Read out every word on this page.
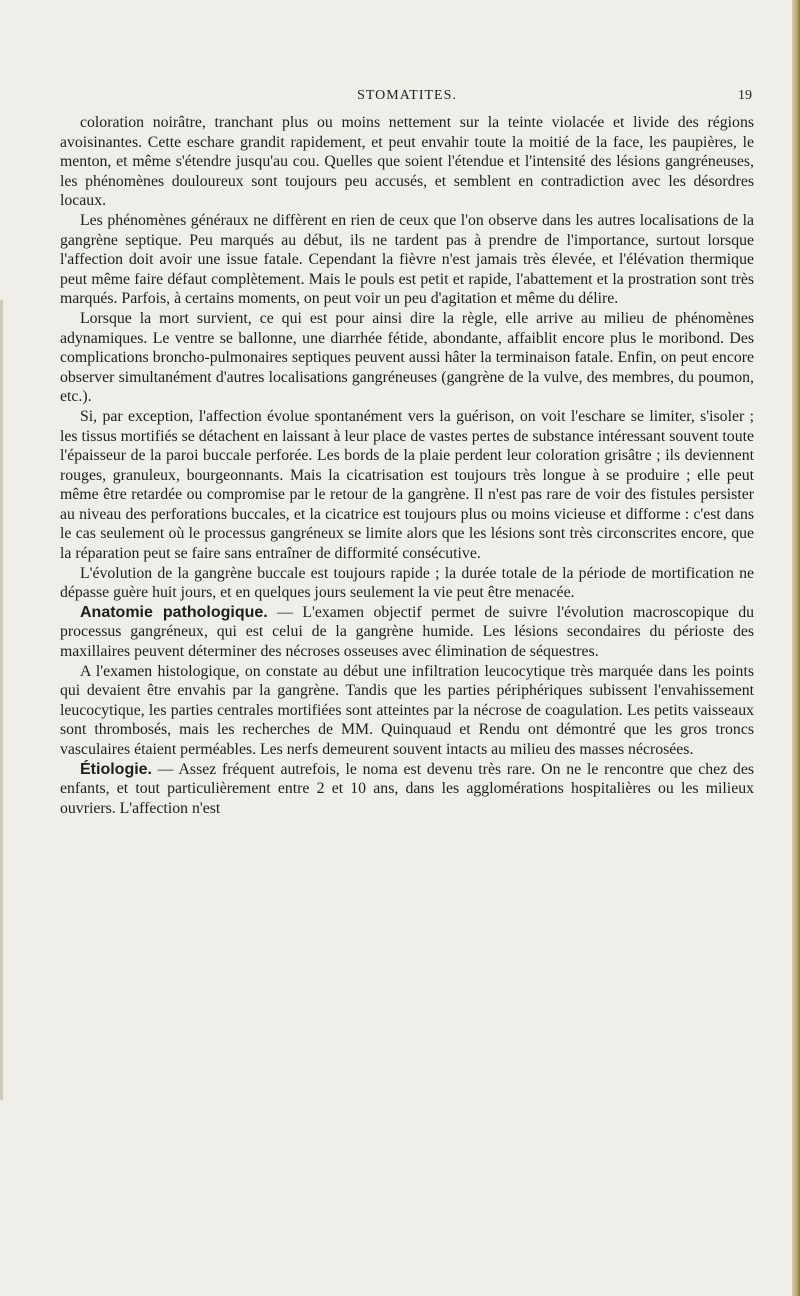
STOMATITES.	19

coloration noirâtre, tranchant plus ou moins nettement sur la teinte violacée et livide des régions avoisinantes. Cette eschare grandit rapidement, et peut envahir toute la moitié de la face, les paupières, le menton, et même s'étendre jusqu'au cou. Quelles que soient l'étendue et l'intensité des lésions gangréneuses, les phénomènes douloureux sont toujours peu accusés, et semblent en contradiction avec les désordres locaux.

Les phénomènes généraux ne diffèrent en rien de ceux que l'on observe dans les autres localisations de la gangrène septique. Peu marqués au début, ils ne tardent pas à prendre de l'importance, surtout lorsque l'affection doit avoir une issue fatale. Cependant la fièvre n'est jamais très élevée, et l'élévation thermique peut même faire défaut complètement. Mais le pouls est petit et rapide, l'abattement et la prostration sont très marqués. Parfois, à certains moments, on peut voir un peu d'agitation et même du délire.

Lorsque la mort survient, ce qui est pour ainsi dire la règle, elle arrive au milieu de phénomènes adynamiques. Le ventre se ballonne, une diarrhée fétide, abondante, affaiblit encore plus le moribond. Des complications broncho-pulmonaires septiques peuvent aussi hâter la terminaison fatale. Enfin, on peut encore observer simultanément d'autres localisations gangréneuses (gangrène de la vulve, des membres, du poumon, etc.).

Si, par exception, l'affection évolue spontanément vers la guérison, on voit l'eschare se limiter, s'isoler ; les tissus mortifiés se détachent en laissant à leur place de vastes pertes de substance intéressant souvent toute l'épaisseur de la paroi buccale perforée. Les bords de la plaie perdent leur coloration grisâtre ; ils deviennent rouges, granuleux, bourgeonnants. Mais la cicatrisation est toujours très longue à se produire ; elle peut même être retardée ou compromise par le retour de la gangrène. Il n'est pas rare de voir des fistules persister au niveau des perforations buccales, et la cicatrice est toujours plus ou moins vicieuse et difforme : c'est dans le cas seulement où le processus gangréneux se limite alors que les lésions sont très circonscrites encore, que la réparation peut se faire sans entraîner de difformité consécutive.

L'évolution de la gangrène buccale est toujours rapide ; la durée totale de la période de mortification ne dépasse guère huit jours, et en quelques jours seulement la vie peut être menacée.

Anatomie pathologique. — L'examen objectif permet de suivre l'évolution macroscopique du processus gangréneux, qui est celui de la gangrène humide. Les lésions secondaires du périoste des maxillaires peuvent déterminer des nécroses osseuses avec élimination de séquestres.

A l'examen histologique, on constate au début une infiltration leucocytique très marquée dans les points qui devaient être envahis par la gangrène. Tandis que les parties périphériques subissent l'envahissement leucocytique, les parties centrales mortifiées sont atteintes par la nécrose de coagulation. Les petits vaisseaux sont thrombosés, mais les recherches de MM. Quinquaud et Rendu ont démontré que les gros troncs vasculaires étaient perméables. Les nerfs demeurent souvent intacts au milieu des masses nécrosées.

Étiologie. — Assez fréquent autrefois, le noma est devenu très rare. On ne le rencontre que chez des enfants, et tout particulièrement entre 2 et 10 ans, dans les agglomérations hospitalières ou les milieux ouvriers. L'affection n'est
